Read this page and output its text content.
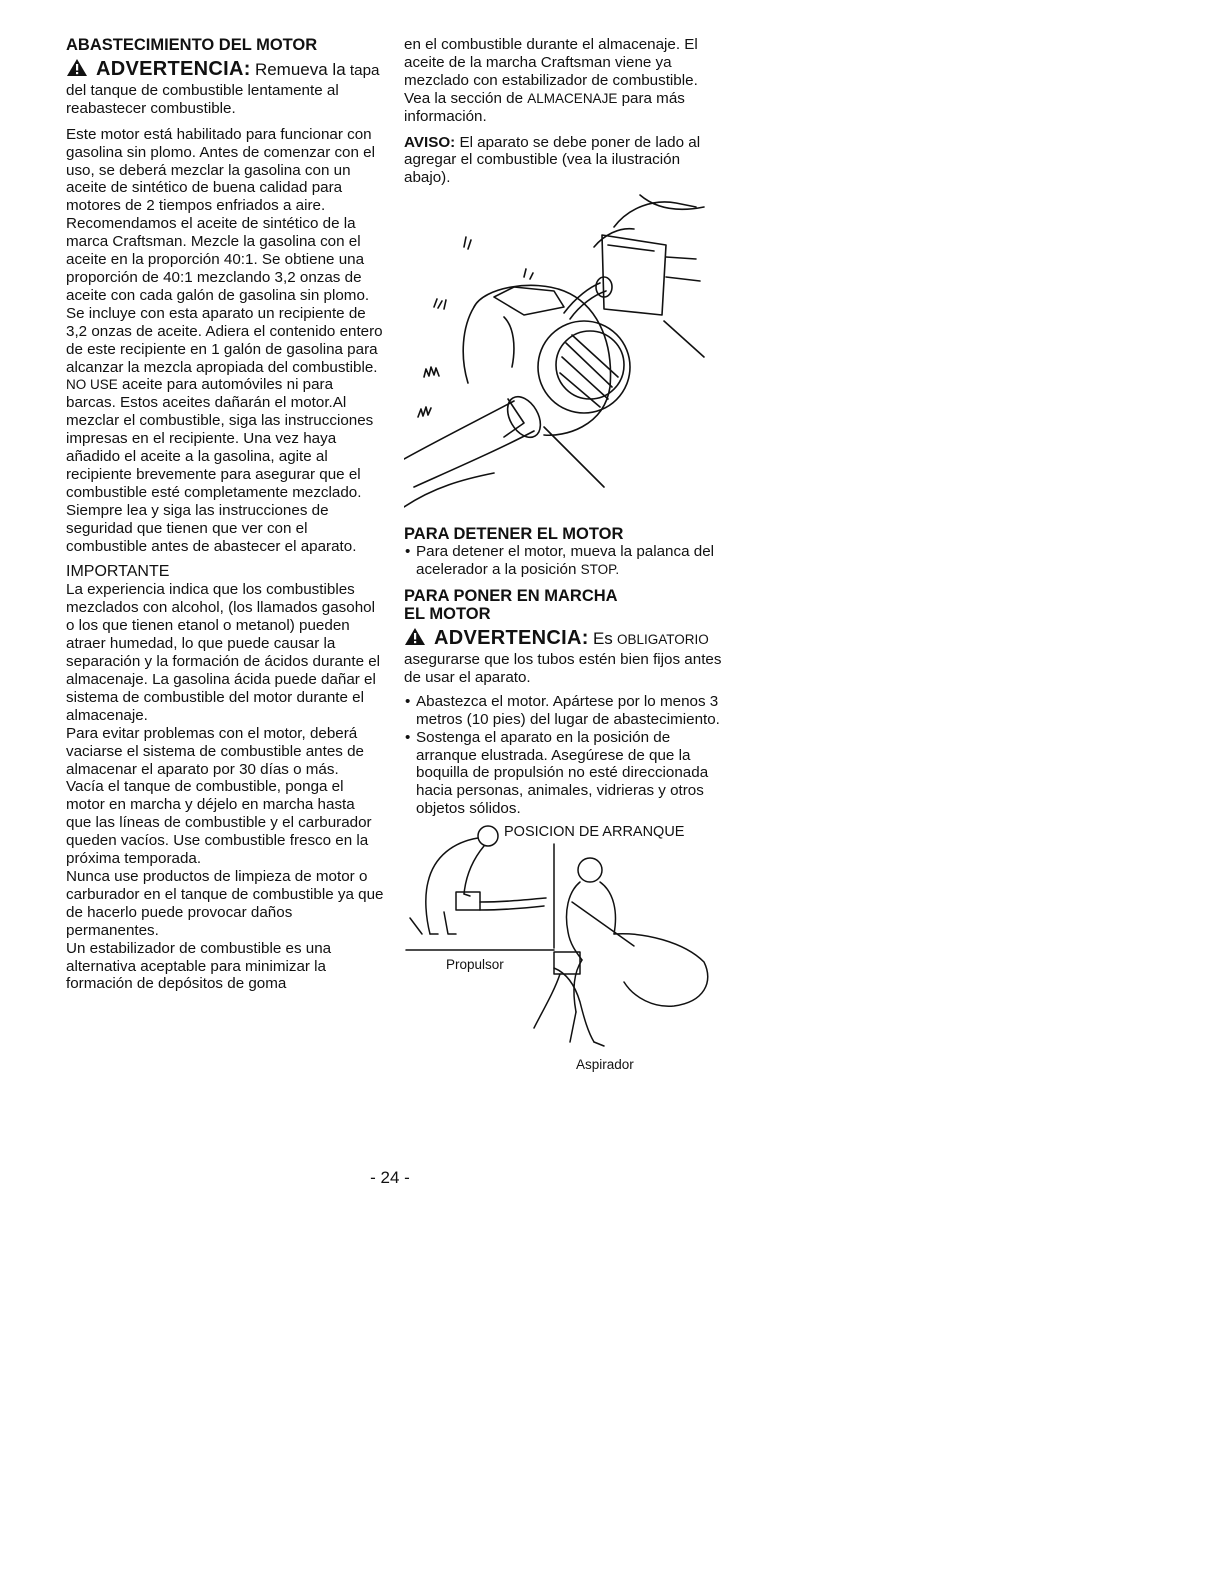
ABASTECIMIENTO DEL MOTOR

ADVERTENCIA: Remueva la tapa del tanque de combustible lentamente al reabastecer combustible.

Este motor está habilitado para funcionar con gasolina sin plomo. Antes de comenzar con el uso, se deberá mezclar la gasolina con un aceite de sintético de buena calidad para motores de 2 tiempos enfriados a aire. Recomendamos el aceite de sintético de la marca Craftsman. Mezcle la gasolina con el aceite en la proporción 40:1. Se obtiene una proporción de 40:1 mezclando 3,2 onzas de aceite con cada galón de gasolina sin plomo. Se incluye con esta aparato un recipiente de 3,2 onzas de aceite. Adiera el contenido entero de este recipiente en 1 galón de gasolina para alcanzar la mezcla apropiada del combustible. NO USE aceite para automóviles ni para barcas. Estos aceites dañarán el motor.Al mezclar el combustible, siga las instrucciones impresas en el recipiente. Una vez haya añadido el aceite a la gasolina, agite al recipiente brevemente para asegurar que el combustible esté completamente mezclado. Siempre lea y siga las instrucciones de seguridad que tienen que ver con el combustible antes de abastecer el aparato.

IMPORTANTE

La experiencia indica que los combustibles mezclados con alcohol, (los llamados gasohol o los que tienen etanol o metanol) pueden atraer humedad, lo que puede causar la separación y la formación de ácidos durante el almacenaje. La gasolina ácida puede dañar el sistema de combustible del motor durante el almacenaje.

Para evitar problemas con el motor, deberá vaciarse el sistema de combustible antes de almacenar el aparato por 30 días o más.

Vacía el tanque de combustible, ponga el motor en marcha y déjelo en marcha hasta que las líneas de combustible y el carburador queden vacíos. Use combustible fresco en la próxima temporada.

Nunca use productos de limpieza de motor o carburador en el tanque de combustible ya que de hacerlo puede provocar daños permanentes.

Un estabilizador de combustible es una alternativa aceptable para minimizar la formación de depósitos de goma

en el combustible durante el almacenaje. El aceite de la marcha Craftsman viene ya mezclado con estabilizador de combustible. Vea la sección de ALMACENAJE para más información.

AVISO: El aparato se debe poner de lado al agregar el combustible (vea la ilustración abajo).

PARA DETENER EL MOTOR

• Para detener el motor, mueva la palanca del acelerador a la posición STOP.

PARA PONER EN MARCHA

EL MOTOR

ADVERTENCIA: Es OBLIGATORIO asegurarse que los tubos estén bien fijos antes de usar el aparato.
• Abastezca el motor. Apártese por lo menos 3 metros (10 pies) del lugar de abastecimiento.
• Sostenga el aparato en la posición de arranque elustrada. Asegúrese de que la boquilla de propulsión no esté direccionada hacia personas, animales, vidrieras y otros objetos sólidos.
POSICION DE ARRANQUE
Propulsor
Aspirador
- 24 -
